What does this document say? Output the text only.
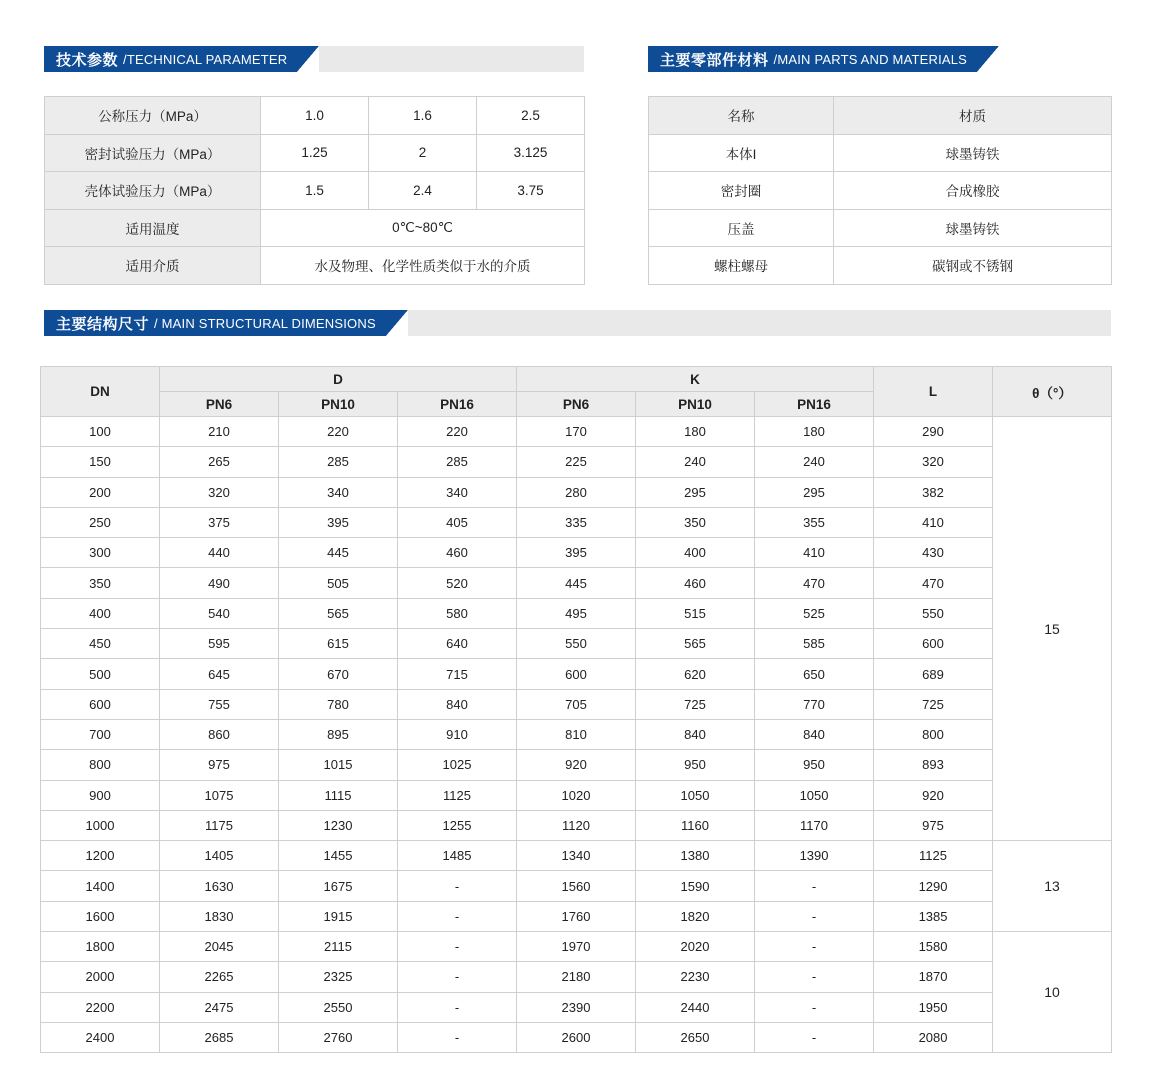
技术参数 /TECHNICAL PARAMETER	主要零部件材料 /MAIN PARTS AND MATERIALS
主要结构尺寸 / MAIN STRUCTURAL DIMENSIONS
公称压力（MPa）	1.0	1.6	2.5
密封试验压力（MPa）	1.25	2	3.125
壳体试验压力（MPa）	1.5	2.4	3.75
适用温度	0℃~80℃		
适用介质	水及物理、化学性质类似于水的介质		
名称	材质
本体I	球墨铸铁
密封圈	合成橡胶
压盖	球墨铸铁
螺柱螺母	碳钢或不锈钢
DN	D			K			L	θ（°）
	PN6	PN10	PN16	PN6	PN10	PN16		
100	210	220	220	170	180	180	290	15
150	265	285	285	225	240	240	320	
200	320	340	340	280	295	295	382	
250	375	395	405	335	350	355	410	
300	440	445	460	395	400	410	430	
350	490	505	520	445	460	470	470	
400	540	565	580	495	515	525	550	
450	595	615	640	550	565	585	600	
500	645	670	715	600	620	650	689	
600	755	780	840	705	725	770	725	
700	860	895	910	810	840	840	800	
800	975	1015	1025	920	950	950	893	
900	1075	1115	1125	1020	1050	1050	920	
1000	1175	1230	1255	1120	1160	1170	975	
1200	1405	1455	1485	1340	1380	1390	1125	13
1400	1630	1675	-	1560	1590	-	1290	
1600	1830	1915	-	1760	1820	-	1385	
1800	2045	2115	-	1970	2020	-	1580	10
2000	2265	2325	-	2180	2230	-	1870	
2200	2475	2550	-	2390	2440	-	1950	
2400	2685	2760	-	2600	2650	-	2080	
